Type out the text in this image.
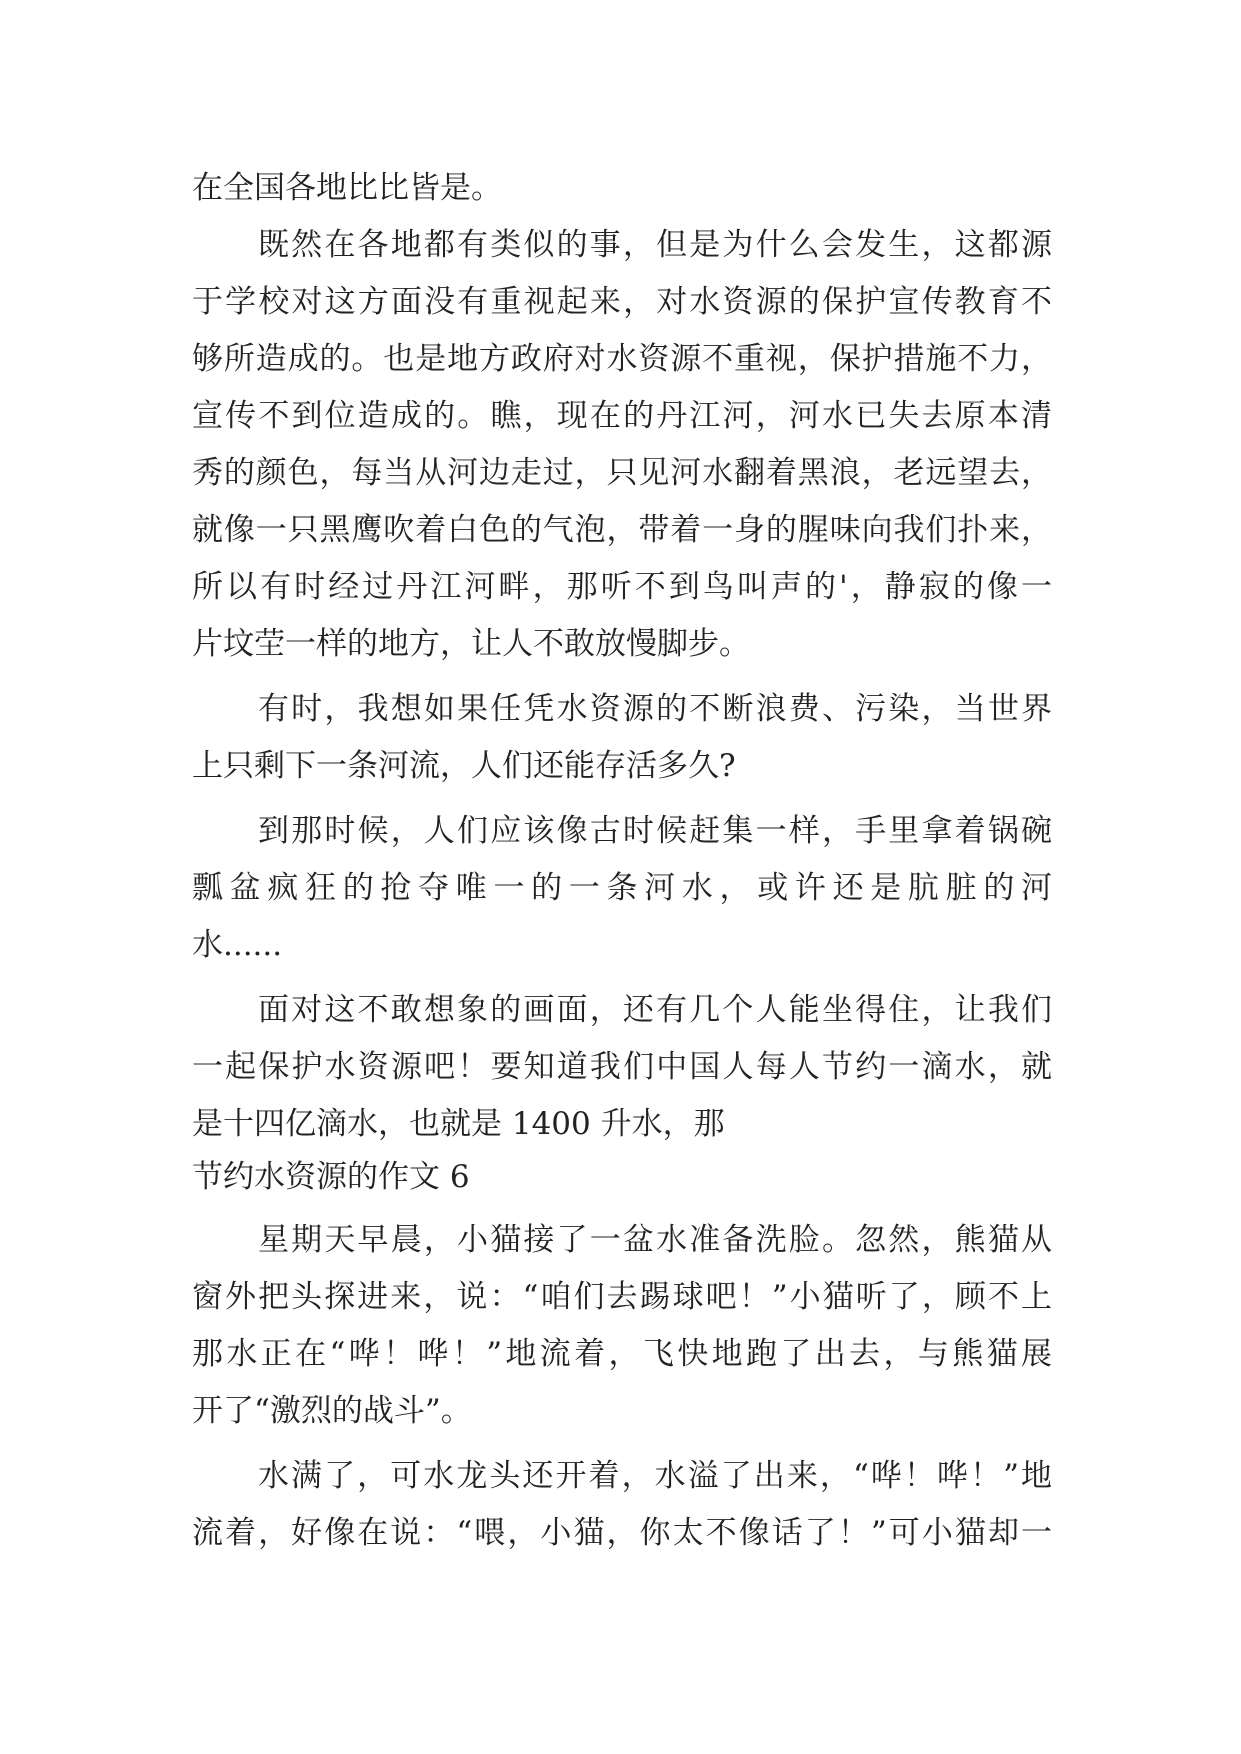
在全国各地比比皆是。
既然在各地都有类似的事，但是为什么会发生，这都源
于学校对这方面没有重视起来，对水资源的保护宣传教育不
够所造成的。也是地方政府对水资源不重视，保护措施不力，
宣传不到位造成的。瞧，现在的丹江河，河水已失去原本清
秀的颜色，每当从河边走过，只见河水翻着黑浪，老远望去，
就像一只黑鹰吹着白色的气泡，带着一身的腥味向我们扑来，
所以有时经过丹江河畔，那听不到鸟叫声的'，静寂的像一
片坟茔一样的地方，让人不敢放慢脚步。
有时，我想如果任凭水资源的不断浪费、污染，当世界
上只剩下一条河流，人们还能存活多久?
到那时候，人们应该像古时候赶集一样，手里拿着锅碗
瓢盆疯狂的抢夺唯一的一条河水，或许还是肮脏的河
水......
面对这不敢想象的画面，还有几个人能坐得住，让我们
一起保护水资源吧！要知道我们中国人每人节约一滴水，就
是十四亿滴水，也就是 1400 升水，那
节约水资源的作文 6
星期天早晨，小猫接了一盆水准备洗脸。忽然，熊猫从
窗外把头探进来，说：“咱们去踢球吧！”小猫听了，顾不上
那水正在“哗！哗！”地流着，飞快地跑了出去，与熊猫展
开了“激烈的战斗”。
水满了，可水龙头还开着，水溢了出来，“哗！哗！”地
流着，好像在说：“喂，小猫，你太不像话了！”可小猫却一
